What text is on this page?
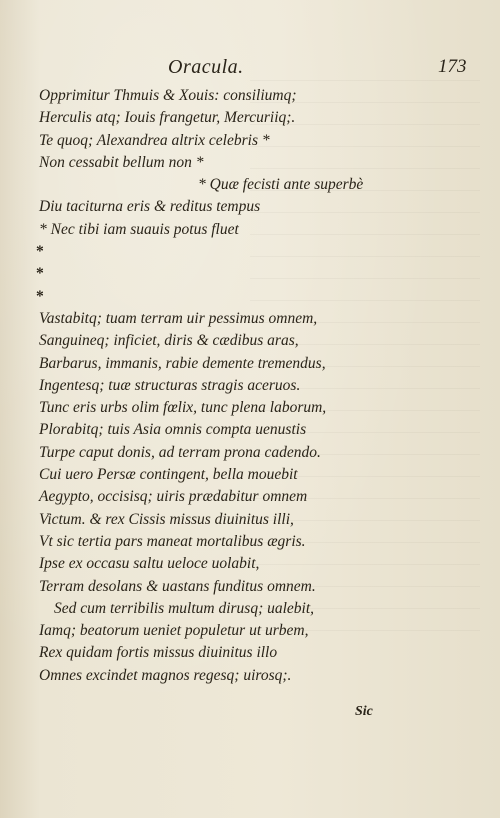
Oracula.	173
Opprimitur Thmuis & Xouis: consiliumq;
Herculis atq; Iouis frangetur, Mercuriiq;.
Te quoq; Alexandrea altrix celebris *
Non cessabit bellum non *
* Quæ fecisti ante superbè
Diu taciturna eris & reditus tempus
* Nec tibi iam suauis potus fluet
*
*
*
Vastabitq; tuam terram uir pessimus omnem,
Sanguineq; inficiet, diris & cædibus aras,
Barbarus, immanis, rabie demente tremendus,
Ingentesq; tuæ structuras stragis aceruos.
Tunc eris urbs olim fœlix, tunc plena laborum,
Plorabitq; tuis Asia omnis compta uenustis
Turpe caput donis, ad terram prona cadendo.
Cui uero Persæ contingent, bella mouebit
Aegypto, occisisq; uiris prædabitur omnem
Victum. & rex Cissis missus diuinitus illi,
Vt sic tertia pars maneat mortalibus ægris.
Ipse ex occasu saltu ueloce uolabit,
Terram desolans & uastans funditus omnem.
Sed cum terribilis multum dirusq; ualebit,
Iamq; beatorum ueniet populetur ut urbem,
Rex quidam fortis missus diuinitus illo
Omnes excindet magnos regesq; uirosq;.
Sic
